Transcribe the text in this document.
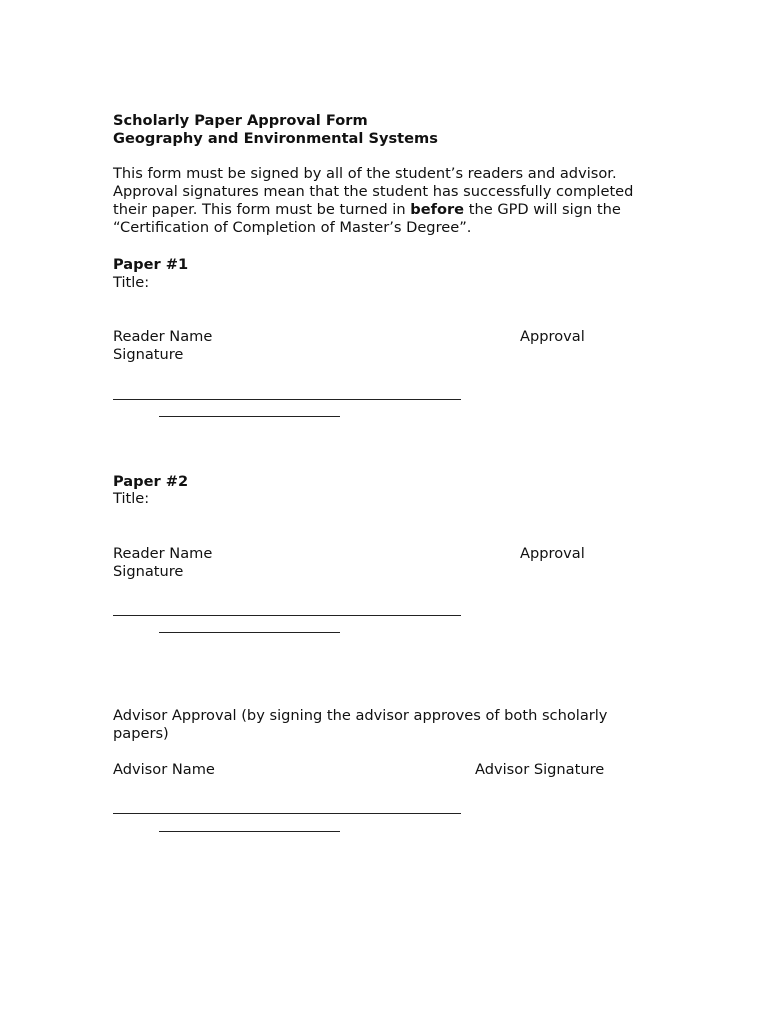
Scholarly Paper Approval Form
Geography and Environmental Systems
This form must be signed by all of the student’s readers and advisor.
Approval signatures mean that the student has successfully completed
their paper. This form must be turned in before the GPD will sign the
“Certification of Completion of Master’s Degree”.
Paper #1
Title:
Reader Name	Approval
Signature
Paper #2
Title:
Reader Name	Approval
Signature
Advisor Approval (by signing the advisor approves of both scholarly
papers)
Advisor Name	Advisor Signature
